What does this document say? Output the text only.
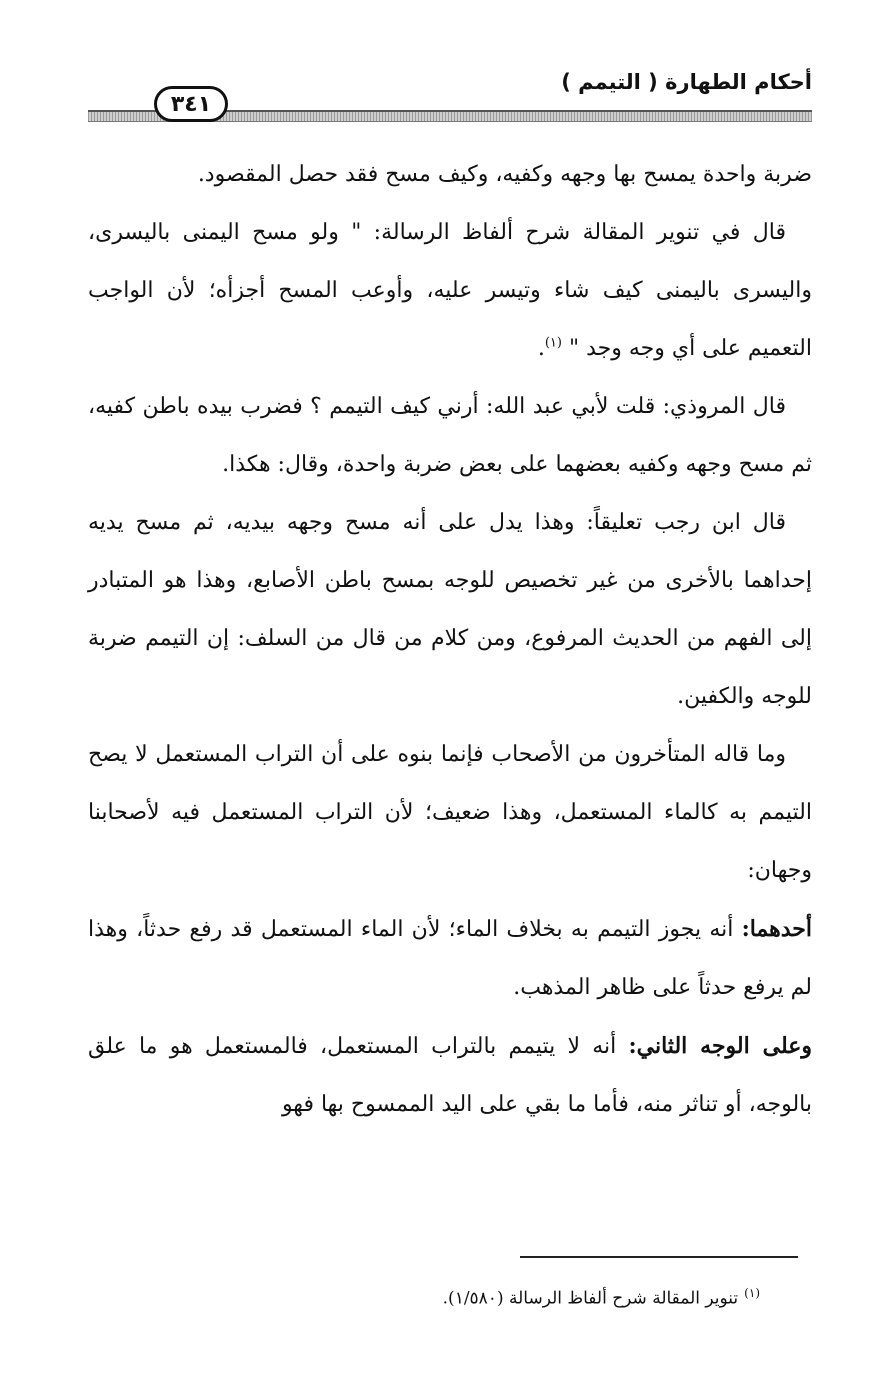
أحكام الطهارة ( التيمم )
٣٤١

ضربة واحدة يمسح بها وجهه وكفيه، وكيف مسح فقد حصل المقصود.

قال في تنوير المقالة شرح ألفاظ الرسالة: " ولو مسح اليمنى باليسرى، واليسرى باليمنى كيف شاء وتيسر عليه، وأوعب المسح أجزأه؛ لأن الواجب التعميم على أي وجه وجد " $^{(١)}$.

قال المروذي: قلت لأبي عبد الله: أرني كيف التيمم ؟ فضرب بيده باطن كفيه، ثم مسح وجهه وكفيه بعضهما على بعض ضربة واحدة، وقال: هكذا.

قال ابن رجب تعليقاً: وهذا يدل على أنه مسح وجهه بيديه، ثم مسح يديه إحداهما بالأخرى من غير تخصيص للوجه بمسح باطن الأصابع، وهذا هو المتبادر إلى الفهم من الحديث المرفوع، ومن كلام من قال من السلف: إن التيمم ضربة للوجه والكفين.

وما قاله المتأخرون من الأصحاب فإنما بنوه على أن التراب المستعمل لا يصح التيمم به كالماء المستعمل، وهذا ضعيف؛ لأن التراب المستعمل فيه لأصحابنا وجهان:

أحدهما: أنه يجوز التيمم به بخلاف الماء؛ لأن الماء المستعمل قد رفع حدثاً، وهذا لم يرفع حدثاً على ظاهر المذهب.

وعلى الوجه الثاني: أنه لا يتيمم بالتراب المستعمل، فالمستعمل هو ما علق بالوجه، أو تناثر منه، فأما ما بقي على اليد الممسوح بها فهو

$^{(١)}$تنوير المقالة شرح ألفاظ الرسالة (١/٥٨٠).
